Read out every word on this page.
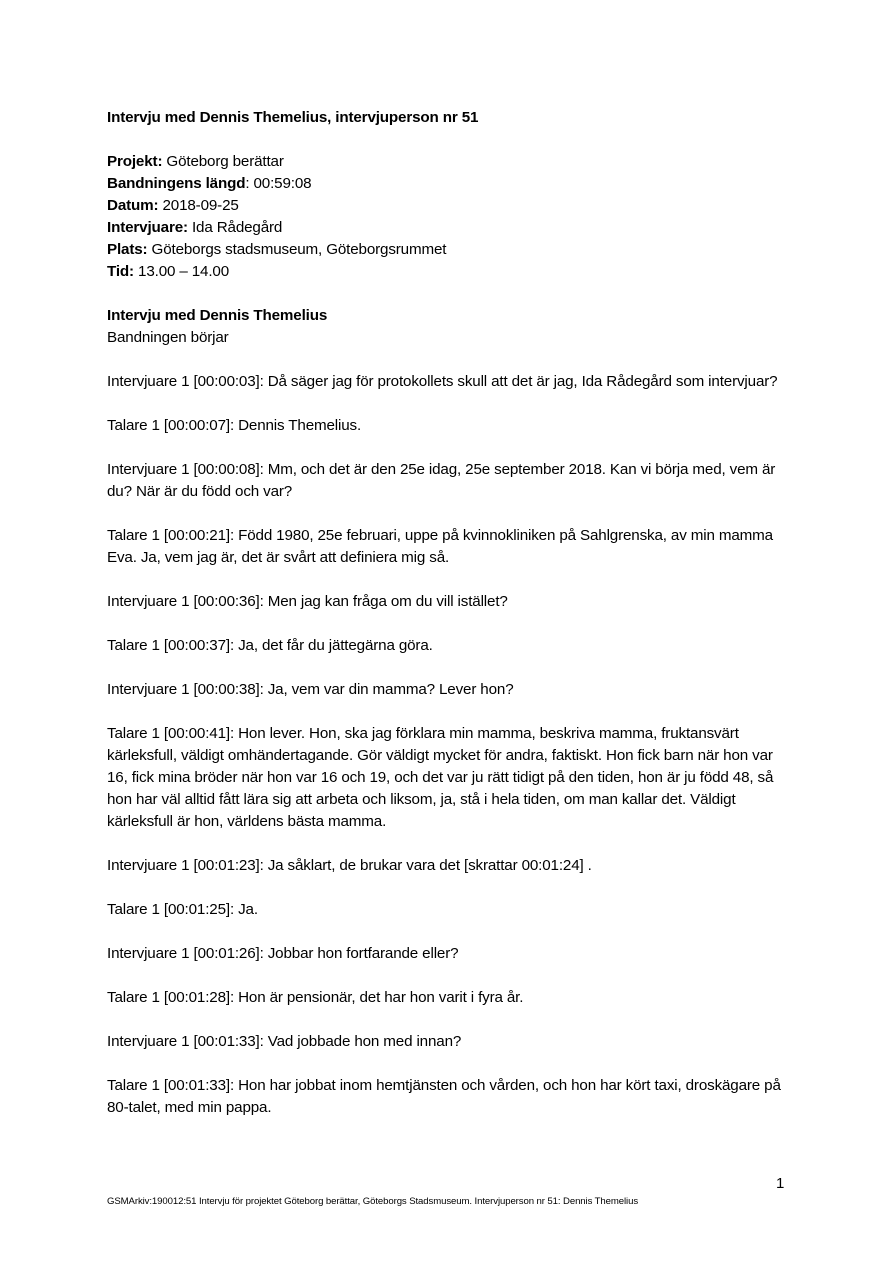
Intervju med Dennis Themelius, intervjuperson nr 51

Projekt: Göteborg berättar

Bandningens längd: 00:59:08

Datum: 2018-09-25

Intervjuare: Ida Rådegård

Plats: Göteborgs stadsmuseum, Göteborgsrummet

Tid: 13.00 – 14.00

Intervju med Dennis Themelius

Bandningen börjar

Intervjuare 1 [00:00:03]: Då säger jag för protokollets skull att det är jag, Ida Rådegård som intervjuar?

Talare 1 [00:00:07]: Dennis Themelius.

Intervjuare 1 [00:00:08]: Mm, och det är den 25e idag, 25e september 2018. Kan vi börja med, vem är du? När är du född och var?

Talare 1 [00:00:21]: Född 1980, 25e februari, uppe på kvinnokliniken på Sahlgrenska, av min mamma Eva. Ja, vem jag är, det är svårt att definiera mig så.

Intervjuare 1 [00:00:36]: Men jag kan fråga om du vill istället?

Talare 1 [00:00:37]: Ja, det får du jättegärna göra.

Intervjuare 1 [00:00:38]: Ja, vem var din mamma? Lever hon?

Talare 1 [00:00:41]: Hon lever. Hon, ska jag förklara min mamma, beskriva mamma, fruktansvärt kärleksfull, väldigt omhändertagande. Gör väldigt mycket för andra, faktiskt. Hon fick barn när hon var 16, fick mina bröder när hon var 16 och 19, och det var ju rätt tidigt på den tiden, hon är ju född 48, så hon har väl alltid fått lära sig att arbeta och liksom, ja, stå i hela tiden, om man kallar det. Väldigt kärleksfull är hon, världens bästa mamma.

Intervjuare 1 [00:01:23]: Ja såklart, de brukar vara det [skrattar 00:01:24] .

Talare 1 [00:01:25]: Ja.

Intervjuare 1 [00:01:26]: Jobbar hon fortfarande eller?

Talare 1 [00:01:28]: Hon är pensionär, det har hon varit i fyra år.

Intervjuare 1 [00:01:33]: Vad jobbade hon med innan?

Talare 1 [00:01:33]: Hon har jobbat inom hemtjänsten och vården, och hon har kört taxi, droskägare på 80-talet, med min pappa.

1
GSMArkiv:190012:51 Intervju för projektet Göteborg berättar, Göteborgs Stadsmuseum. Intervjuperson nr 51: Dennis Themelius
